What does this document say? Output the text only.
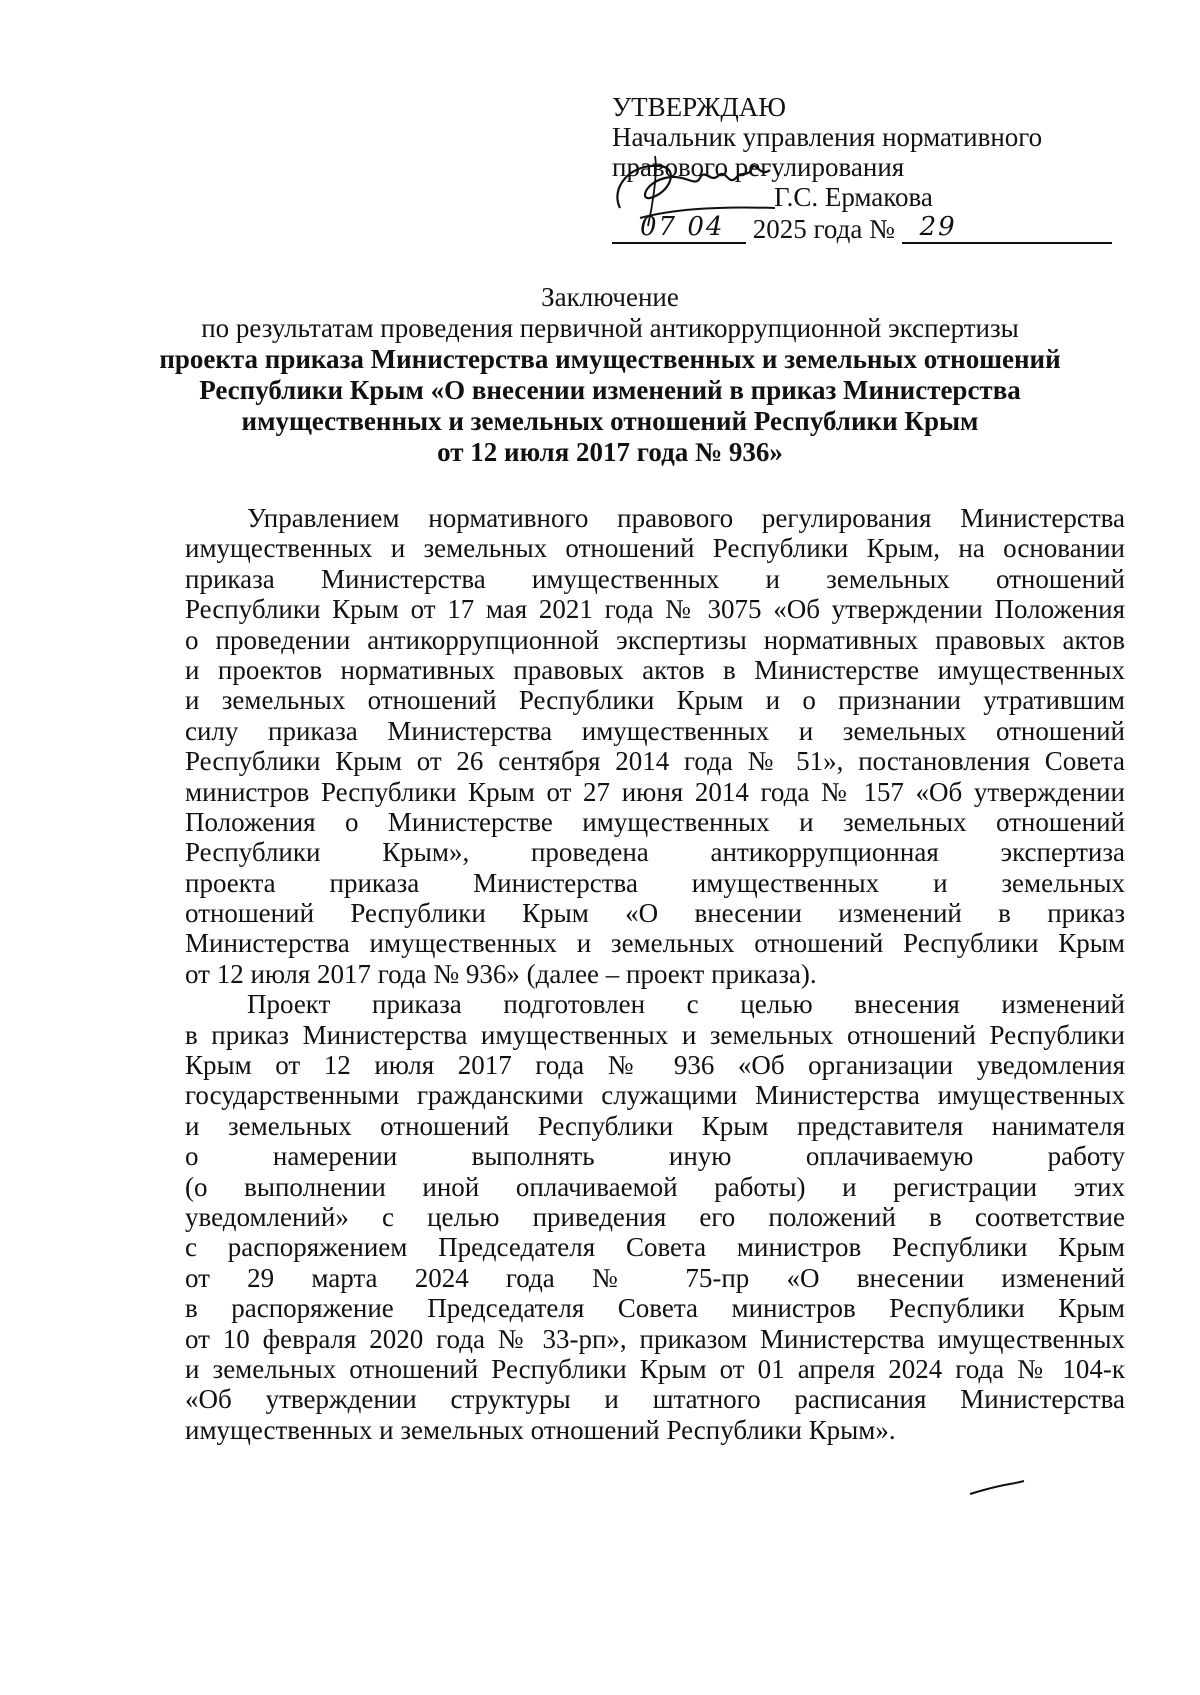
УТВЕРЖДАЮ
Начальник управления нормативного
правового регулирования
Г.С. Ермакова
07 04 2025 года № 29
Заключение
по результатам проведения первичной антикоррупционной экспертизы
проекта приказа Министерства имущественных и земельных отношений
Республики Крым «О внесении изменений в приказ Министерства
имущественных и земельных отношений Республики Крым
от 12 июля 2017 года № 936»
Управлением нормативного правового регулирования Министерства
имущественных и земельных отношений Республики Крым, на основании
приказа Министерства имущественных и земельных отношений
Республики Крым от 17 мая 2021 года № 3075 «Об утверждении Положения
о проведении антикоррупционной экспертизы нормативных правовых актов
и проектов нормативных правовых актов в Министерстве имущественных
и земельных отношений Республики Крым и о признании утратившим
силу приказа Министерства имущественных и земельных отношений
Республики Крым от 26 сентября 2014 года № 51», постановления Совета
министров Республики Крым от 27 июня 2014 года № 157 «Об утверждении
Положения о Министерстве имущественных и земельных отношений
Республики Крым», проведена антикоррупционная экспертиза
проекта приказа Министерства имущественных и земельных
отношений Республики Крым «О внесении изменений в приказ
Министерства имущественных и земельных отношений Республики Крым
от 12 июля 2017 года № 936» (далее – проект приказа).
Проект приказа подготовлен с целью внесения изменений
в приказ Министерства имущественных и земельных отношений Республики
Крым от 12 июля 2017 года № 936 «Об организации уведомления
государственными гражданскими служащими Министерства имущественных
и земельных отношений Республики Крым представителя нанимателя
о намерении выполнять иную оплачиваемую работу
(о выполнении иной оплачиваемой работы) и регистрации этих
уведомлений» с целью приведения его положений в соответствие
с распоряжением Председателя Совета министров Республики Крым
от 29 марта 2024 года № 75-пр «О внесении изменений
в распоряжение Председателя Совета министров Республики Крым
от 10 февраля 2020 года № 33-рп», приказом Министерства имущественных
и земельных отношений Республики Крым от 01 апреля 2024 года № 104-к
«Об утверждении структуры и штатного расписания Министерства
имущественных и земельных отношений Республики Крым».
